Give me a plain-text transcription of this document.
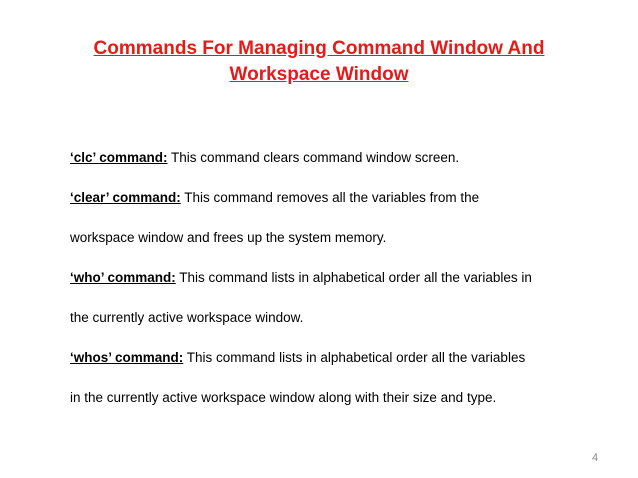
Commands For Managing Command Window And
Workspace Window
‘clc’ command: This command clears command window screen.
‘clear’ command: This command removes all the variables from the
workspace window and frees up the system memory.
‘who’ command: This command lists in alphabetical order all the variables in
the currently active workspace window.
‘whos’ command: This command lists in alphabetical order all the variables
in the currently active workspace window along with their size and type.
4
